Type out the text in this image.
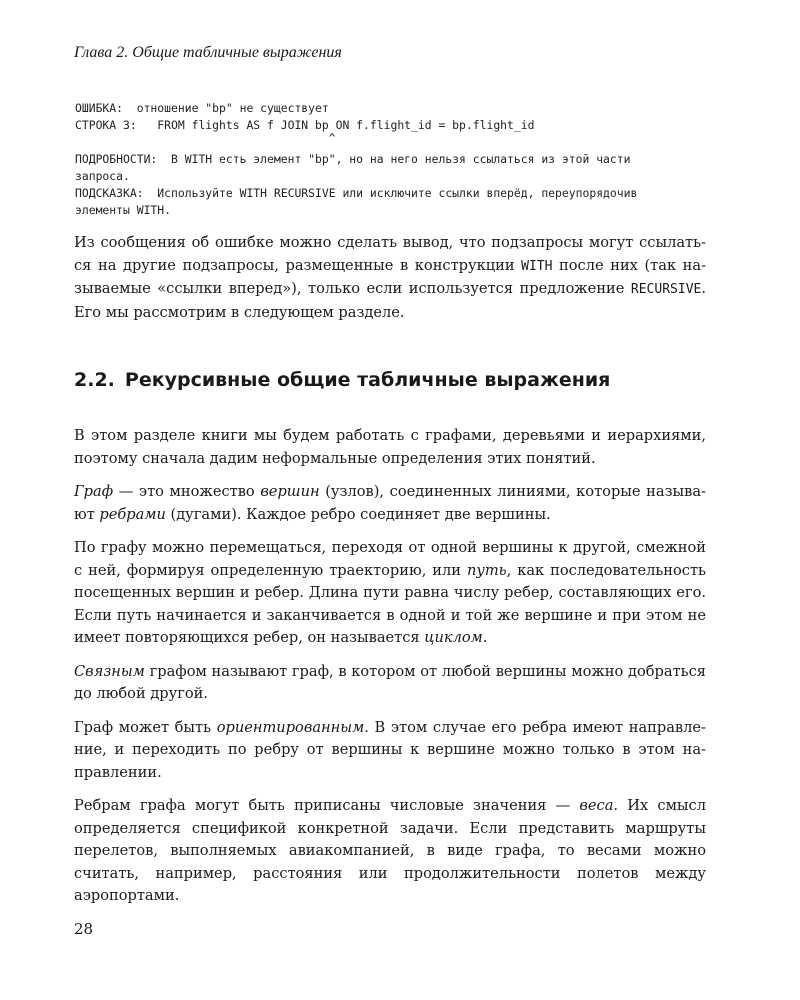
Глава 2. Общие табличные выражения
ОШИБКА:  отношение "bp" не существует
СТРОКА 3:   FROM flights AS f JOIN bp ON f.flight_id = bp.flight_id
^
ПОДРОБНОСТИ:  В WITH есть элемент "bp", но на него нельзя ссылаться из этой части
запроса.
ПОДСКАЗКА:  Используйте WITH RECURSIVE или исключите ссылки вперёд, переупорядочив
элементы WITH.

Из сообщения об ошибке можно сделать вывод, что подзапросы могут ссылать-ся на другие подзапросы, размещенные в конструкции WITH после них (так на-зываемые «ссылки вперед»), только если используется предложение RECURSIVE. Его мы рассмотрим в следующем разделе.

2.2. Рекурсивные общие табличные выражения

В этом разделе книги мы будем работать с графами, деревьями и иерархиями, поэтому сначала дадим неформальные определения этих понятий.

Граф — это множество вершин (узлов), соединенных линиями, которые называ-ют ребрами (дугами). Каждое ребро соединяет две вершины.

По графу можно перемещаться, переходя от одной вершины к другой, смежной с ней, формируя определенную траекторию, или путь, как последовательность посещенных вершин и ребер. Длина пути равна числу ребер, составляющих его. Если путь начинается и заканчивается в одной и той же вершине и при этом не имеет повторяющихся ребер, он называется циклом.

Связным графом называют граф, в котором от любой вершины можно добраться до любой другой.

Граф может быть ориентированным. В этом случае его ребра имеют направле-ние, и переходить по ребру от вершины к вершине можно только в этом на-правлении.

Ребрам графа могут быть приписаны числовые значения — веса. Их смысл определяется спецификой конкретной задачи. Если представить маршруты перелетов, выполняемых авиакомпанией, в виде графа, то весами можно считать, например, расстояния или продолжительности полетов между аэропортами.

28
